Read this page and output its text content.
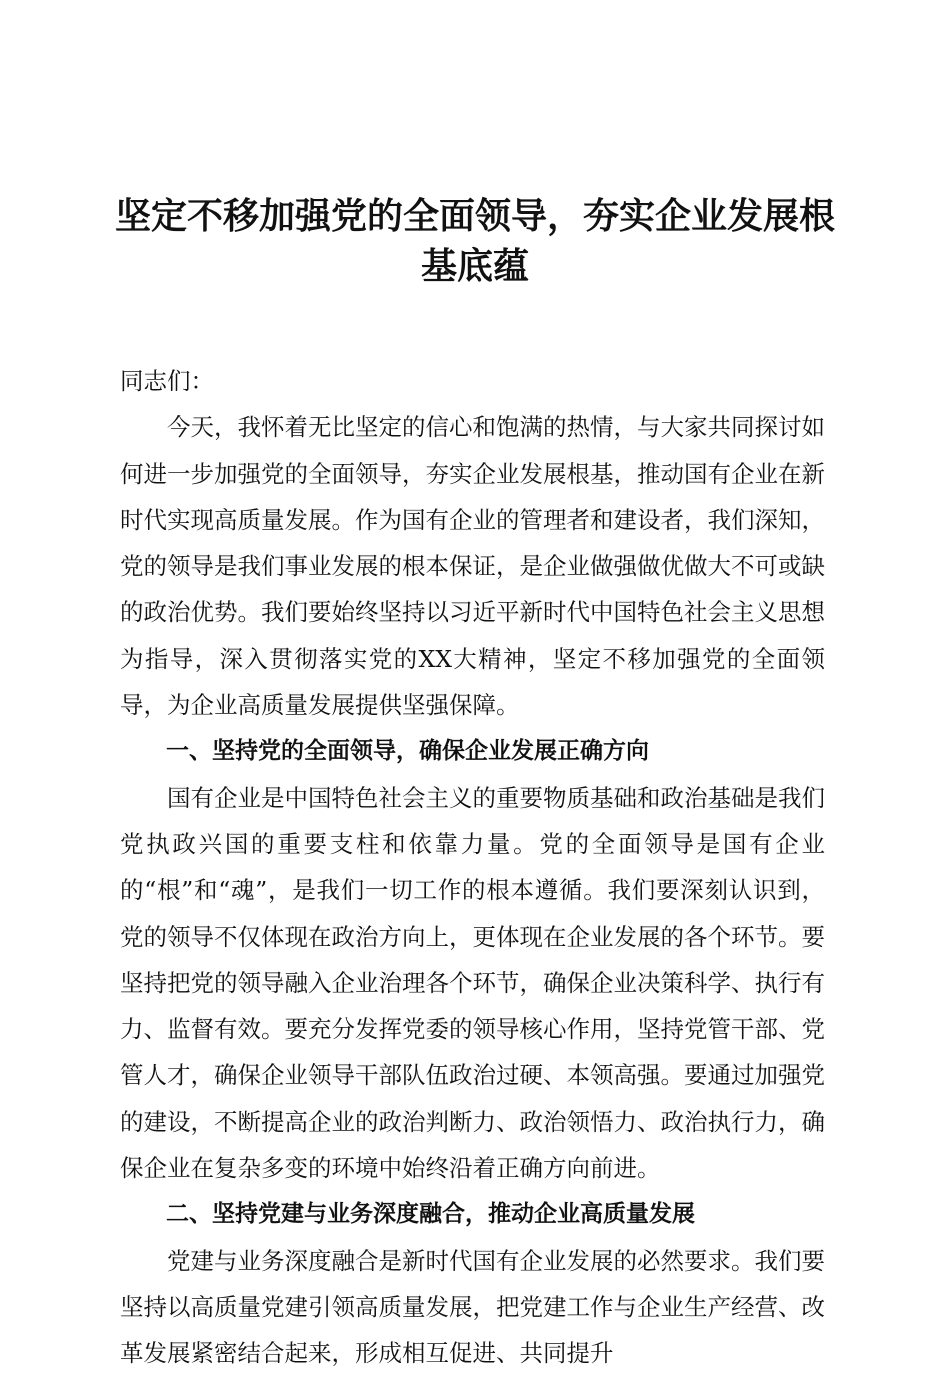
坚定不移加强党的全面领导，夯实企业发展根
基底蕴

同志们：

今天，我怀着无比坚定的信心和饱满的热情，与大家共同探讨如何进一步加强党的全面领导，夯实企业发展根基，推动国有企业在新时代实现高质量发展。作为国有企业的管理者和建设者，我们深知，党的领导是我们事业发展的根本保证，是企业做强做优做大不可或缺的政治优势。我们要始终坚持以习近平新时代中国特色社会主义思想为指导，深入贯彻落实党的XX大精神，坚定不移加强党的全面领导，为企业高质量发展提供坚强保障。

一、坚持党的全面领导，确保企业发展正确方向

国有企业是中国特色社会主义的重要物质基础和政治基础是我们党执政兴国的重要支柱和依靠力量。党的全面领导是国有企业的“根”和“魂”，是我们一切工作的根本遵循。我们要深刻认识到，党的领导不仅体现在政治方向上，更体现在企业发展的各个环节。要坚持把党的领导融入企业治理各个环节，确保企业决策科学、执行有力、监督有效。要充分发挥党委的领导核心作用，坚持党管干部、党管人才，确保企业领导干部队伍政治过硬、本领高强。要通过加强党的建设，不断提高企业的政治判断力、政治领悟力、政治执行力，确保企业在复杂多变的环境中始终沿着正确方向前进。

二、坚持党建与业务深度融合，推动企业高质量发展

党建与业务深度融合是新时代国有企业发展的必然要求。我们要坚持以高质量党建引领高质量发展，把党建工作与企业生产经营、改革发展紧密结合起来，形成相互促进、共同提升
